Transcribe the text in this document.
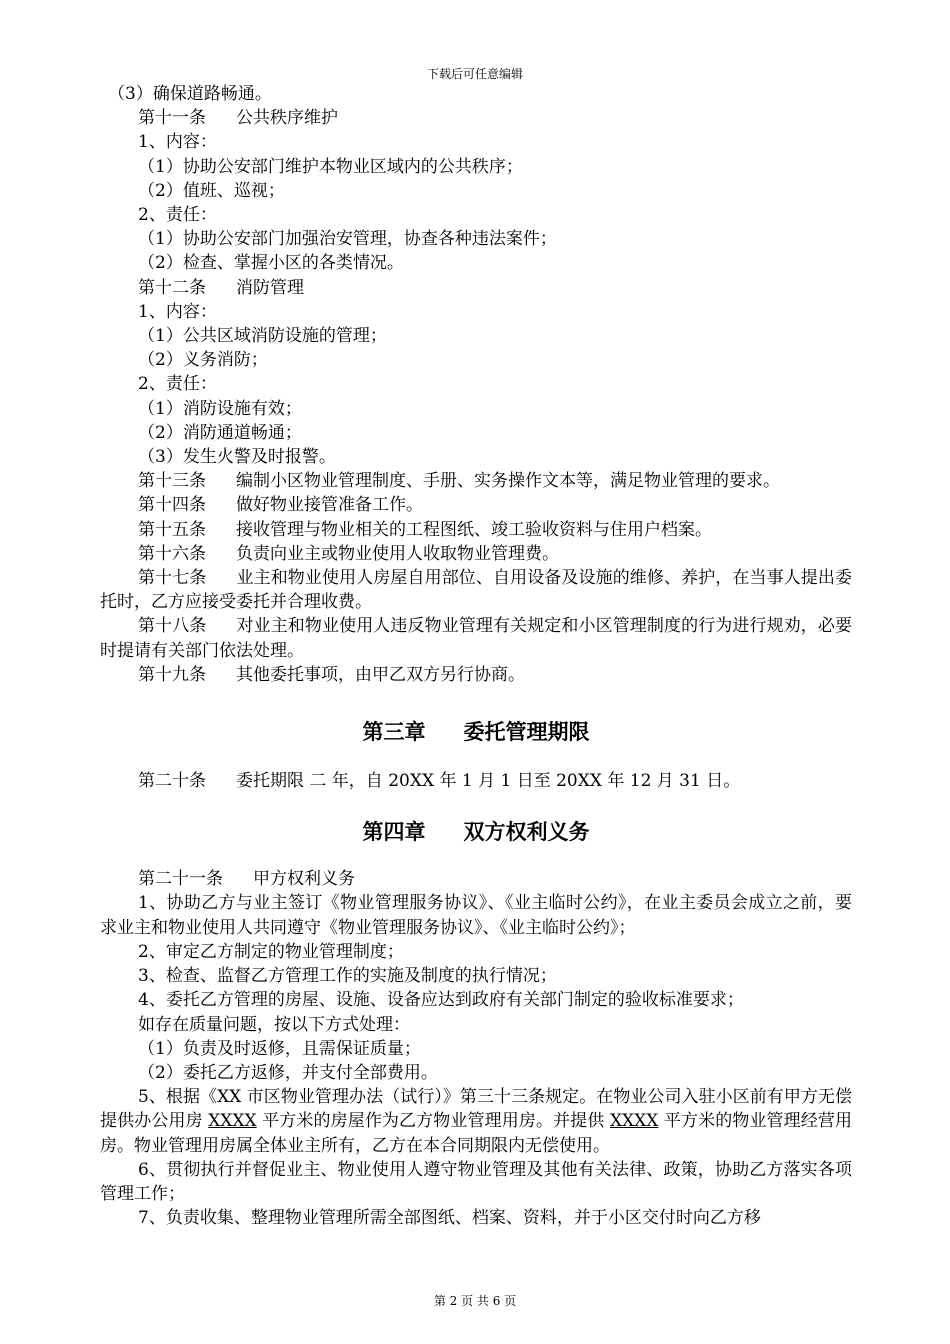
下载后可任意编辑

（3）确保道路畅通。

第十一条 公共秩序维护

1、内容：

（1）协助公安部门维护本物业区域内的公共秩序；

（2）值班、巡视；

2、责任：

（1）协助公安部门加强治安管理，协查各种违法案件；

（2）检查、掌握小区的各类情况。

第十二条 消防管理

1、内容：

（1）公共区域消防设施的管理；

（2）义务消防；

2、责任：

（1）消防设施有效；

（2）消防通道畅通；

（3）发生火警及时报警。

第十三条 编制小区物业管理制度、手册、实务操作文本等，满足物业管理的要求。

第十四条 做好物业接管准备工作。

第十五条 接收管理与物业相关的工程图纸、竣工验收资料与住用户档案。

第十六条 负责向业主或物业使用人收取物业管理费。

第十七条 业主和物业使用人房屋自用部位、自用设备及设施的维修、养护，在当事人提出委托时，乙方应接受委托并合理收费。

第十八条 对业主和物业使用人违反物业管理有关规定和小区管理制度的行为进行规劝，必要时提请有关部门依法处理。

第十九条 其他委托事项，由甲乙双方另行协商。

第三章 委托管理期限

第二十条 委托期限 二 年，自 20XX 年 1 月 1 日至 20XX 年 12 月 31 日。

第四章 双方权利义务

第二十一条 甲方权利义务

1、协助乙方与业主签订《物业管理服务协议》、《业主临时公约》，在业主委员会成立之前，要求业主和物业使用人共同遵守《物业管理服务协议》、《业主临时公约》；

2、审定乙方制定的物业管理制度；

3、检查、监督乙方管理工作的实施及制度的执行情况；

4、委托乙方管理的房屋、设施、设备应达到政府有关部门制定的验收标准要求；

如存在质量问题，按以下方式处理：

（1）负责及时返修，且需保证质量；

（2）委托乙方返修，并支付全部费用。

5、根据《XX 市区物业管理办法（试行）》第三十三条规定。在物业公司入驻小区前有甲方无偿提供办公用房 XXXX 平方米的房屋作为乙方物业管理用房。并提供 XXXX 平方米的物业管理经营用房。物业管理用房属全体业主所有，乙方在本合同期限内无偿使用。

6、贯彻执行并督促业主、物业使用人遵守物业管理及其他有关法律、政策，协助乙方落实各项管理工作；

7、负责收集、整理物业管理所需全部图纸、档案、资料，并于小区交付时向乙方移

第 2 页 共 6 页
